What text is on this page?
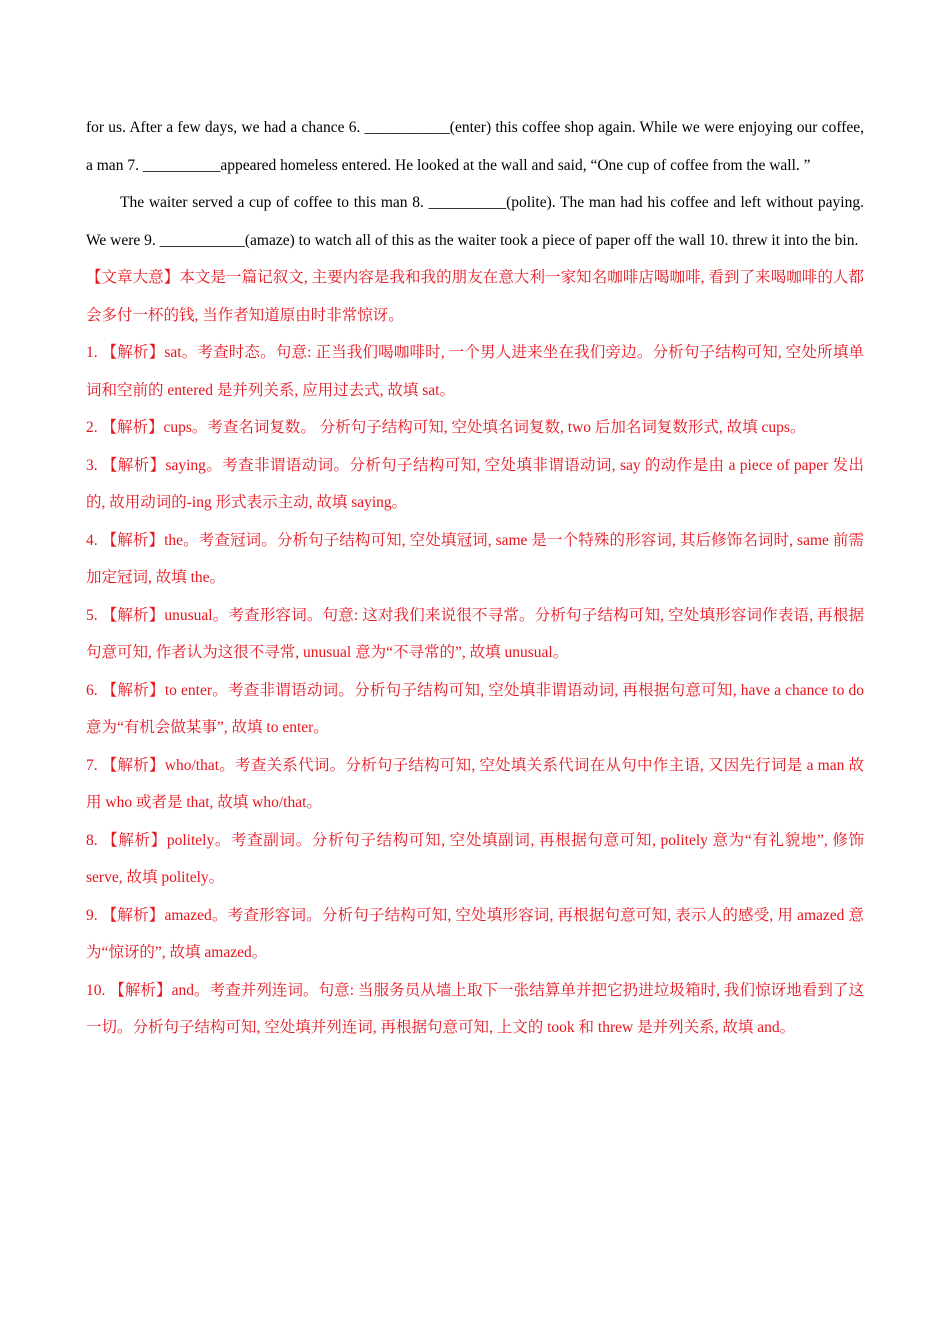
for us. After a few days, we had a chance 6. ___________(enter) this coffee shop again. While we were enjoying our coffee, a man 7. __________appeared homeless entered. He looked at the wall and said, “One cup of coffee from the wall. ”

The waiter served a cup of coffee to this man 8. __________(polite). The man had his coffee and left without paying. We were 9. ___________(amaze) to watch all of this as the waiter took a piece of paper off the wall 10. threw it into the bin.

【文章大意】本文是一篇记叙文, 主要内容是我和我的朋友在意大利一家知名咖啡店喝咖啡, 看到了来喝咖啡的人都会多付一杯的钱, 当作者知道原由时非常惊讶。

1. 【解析】sat。考查时态。句意: 正当我们喝咖啡时, 一个男人进来坐在我们旁边。分析句子结构可知, 空处所填单词和空前的 entered 是并列关系, 应用过去式, 故填 sat。

2. 【解析】cups。考查名词复数。 分析句子结构可知, 空处填名词复数, two 后加名词复数形式, 故填 cups。

3. 【解析】saying。考查非谓语动词。分析句子结构可知, 空处填非谓语动词, say 的动作是由 a piece of paper 发出的, 故用动词的-ing 形式表示主动, 故填 saying。

4. 【解析】the。考查冠词。分析句子结构可知, 空处填冠词, same 是一个特殊的形容词, 其后修饰名词时, same 前需加定冠词, 故填 the。

5. 【解析】unusual。考查形容词。句意: 这对我们来说很不寻常。分析句子结构可知, 空处填形容词作表语, 再根据句意可知, 作者认为这很不寻常, unusual 意为“不寻常的”, 故填 unusual。

6. 【解析】to enter。考查非谓语动词。分析句子结构可知, 空处填非谓语动词, 再根据句意可知, have a chance to do 意为“有机会做某事”, 故填 to enter。

7. 【解析】who/that。考查关系代词。分析句子结构可知, 空处填关系代词在从句中作主语, 又因先行词是 a man 故用 who 或者是 that, 故填 who/that。

8. 【解析】politely。考查副词。分析句子结构可知, 空处填副词, 再根据句意可知, politely 意为“有礼貌地”, 修饰 serve, 故填 politely。

9. 【解析】amazed。考查形容词。分析句子结构可知, 空处填形容词, 再根据句意可知, 表示人的感受, 用 amazed 意为“惊讶的”, 故填 amazed。

10. 【解析】and。考查并列连词。句意: 当服务员从墙上取下一张结算单并把它扔进垃圾箱时, 我们惊讶地看到了这一切。分析句子结构可知, 空处填并列连词, 再根据句意可知, 上文的 took 和 threw 是并列关系, 故填 and。
